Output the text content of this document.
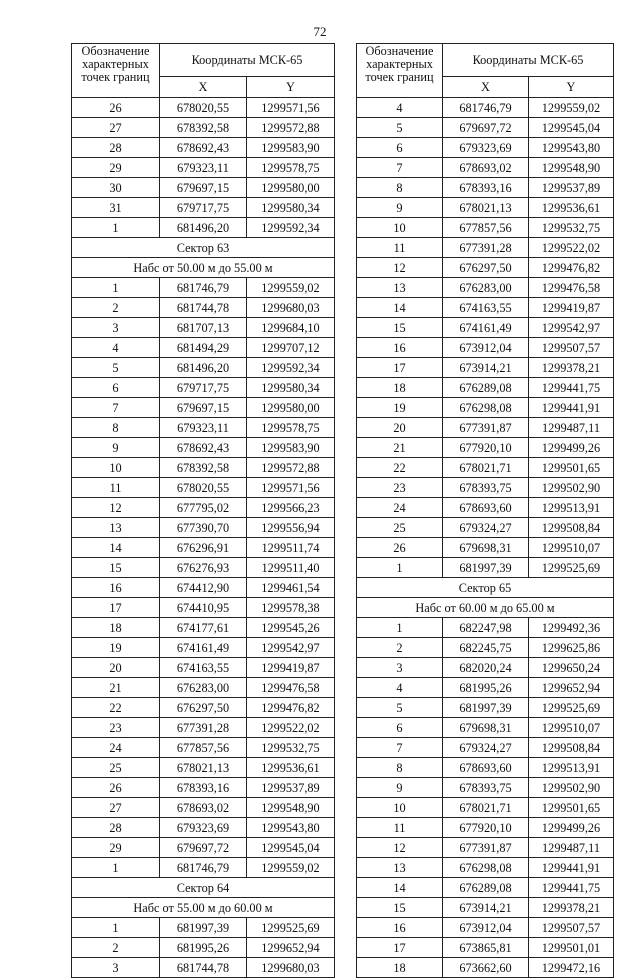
72
Обозначение характерных точек границ	Координаты МСК-65	
	X	Y
26	678020,55	1299571,56
27	678392,58	1299572,88
28	678692,43	1299583,90
29	679323,11	1299578,75
30	679697,15	1299580,00
31	679717,75	1299580,34
1	681496,20	1299592,34
Сектор 63		
Набс от 50.00 м до 55.00 м		
1	681746,79	1299559,02
2	681744,78	1299680,03
3	681707,13	1299684,10
4	681494,29	1299707,12
5	681496,20	1299592,34
6	679717,75	1299580,34
7	679697,15	1299580,00
8	679323,11	1299578,75
9	678692,43	1299583,90
10	678392,58	1299572,88
11	678020,55	1299571,56
12	677795,02	1299566,23
13	677390,70	1299556,94
14	676296,91	1299511,74
15	676276,93	1299511,40
16	674412,90	1299461,54
17	674410,95	1299578,38
18	674177,61	1299545,26
19	674161,49	1299542,97
20	674163,55	1299419,87
21	676283,00	1299476,58
22	676297,50	1299476,82
23	677391,28	1299522,02
24	677857,56	1299532,75
25	678021,13	1299536,61
26	678393,16	1299537,89
27	678693,02	1299548,90
28	679323,69	1299543,80
29	679697,72	1299545,04
1	681746,79	1299559,02
Сектор 64		
Набс от 55.00 м до 60.00 м		
1	681997,39	1299525,69
2	681995,26	1299652,94
3	681744,78	1299680,03
Обозначение характерных точек границ	Координаты МСК-65	
	X	Y
4	681746,79	1299559,02
5	679697,72	1299545,04
6	679323,69	1299543,80
7	678693,02	1299548,90
8	678393,16	1299537,89
9	678021,13	1299536,61
10	677857,56	1299532,75
11	677391,28	1299522,02
12	676297,50	1299476,82
13	676283,00	1299476,58
14	674163,55	1299419,87
15	674161,49	1299542,97
16	673912,04	1299507,57
17	673914,21	1299378,21
18	676289,08	1299441,75
19	676298,08	1299441,91
20	677391,87	1299487,11
21	677920,10	1299499,26
22	678021,71	1299501,65
23	678393,75	1299502,90
24	678693,60	1299513,91
25	679324,27	1299508,84
26	679698,31	1299510,07
1	681997,39	1299525,69
Сектор 65		
Набс от 60.00 м до 65.00 м		
1	682247,98	1299492,36
2	682245,75	1299625,86
3	682020,24	1299650,24
4	681995,26	1299652,94
5	681997,39	1299525,69
6	679698,31	1299510,07
7	679324,27	1299508,84
8	678693,60	1299513,91
9	678393,75	1299502,90
10	678021,71	1299501,65
11	677920,10	1299499,26
12	677391,87	1299487,11
13	676298,08	1299441,91
14	676289,08	1299441,75
15	673914,21	1299378,21
16	673912,04	1299507,57
17	673865,81	1299501,01
18	673662,60	1299472,16
